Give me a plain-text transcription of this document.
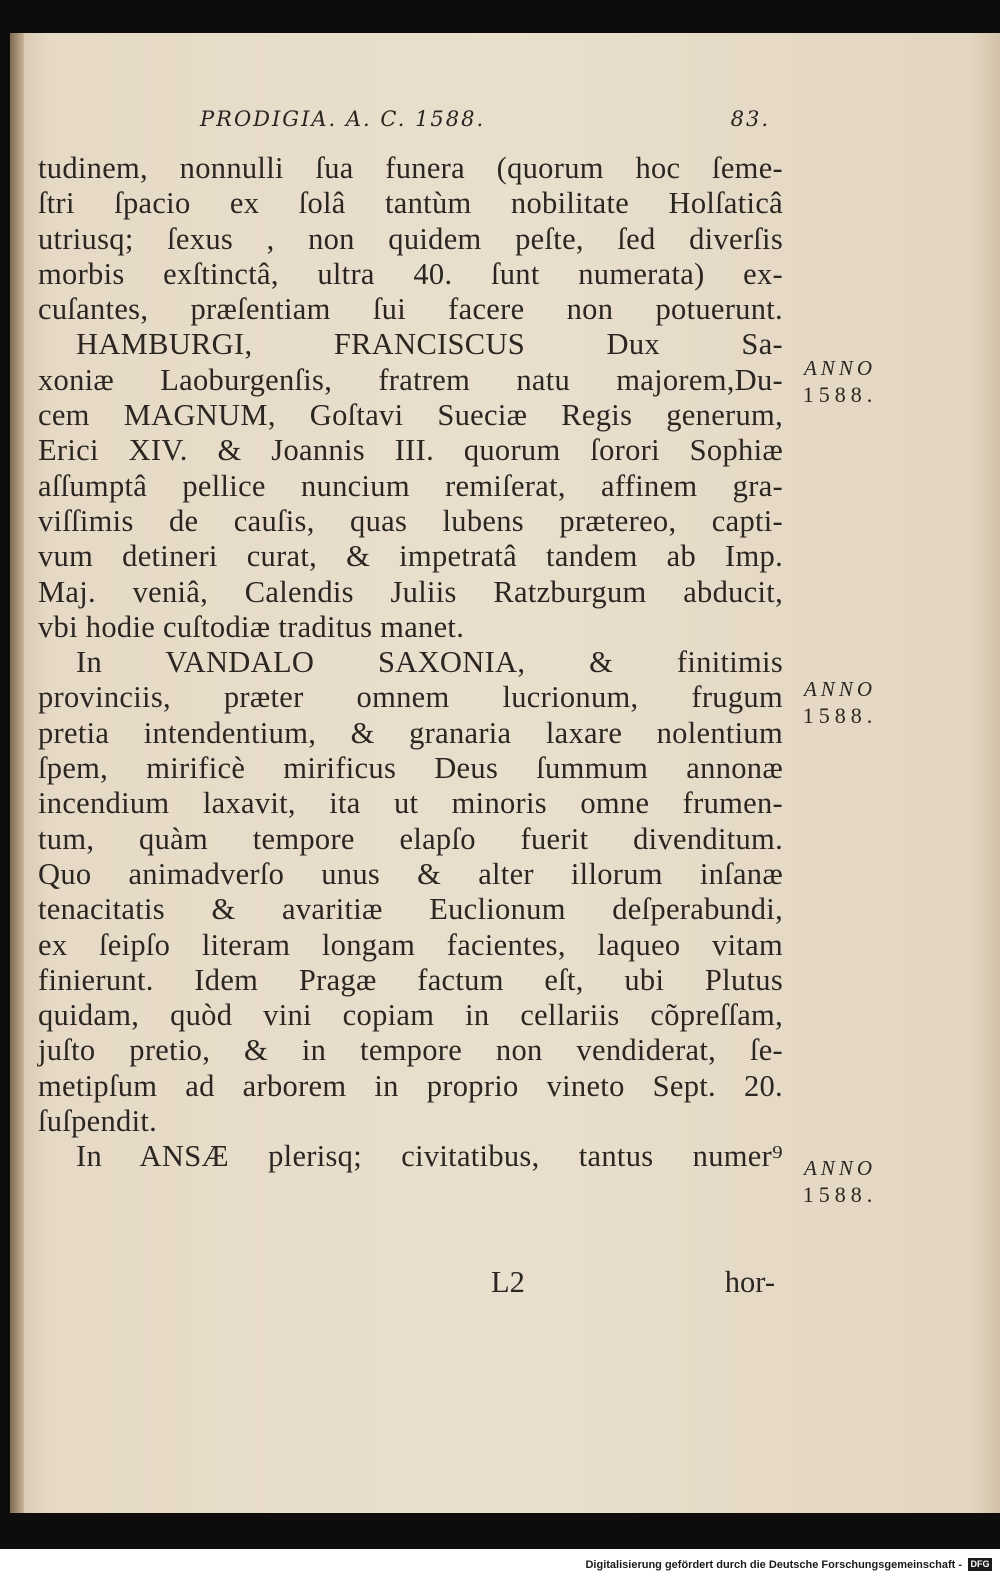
PRODIGIA. A. C. 1588.	83.
tudinem, nonnulli ſua funera (quorum hoc ſeme-
ſtri ſpacio ex ſolâ tantùm nobilitate Holſaticâ
utriusq; ſexus , non quidem peſte, ſed diverſis
morbis exſtinctâ, ultra 40. ſunt numerata) ex-
cuſantes, præſentiam ſui facere non potuerunt.
HAMBURGI, FRANCISCUS Dux Sa-
xoniæ Laoburgenſis, fratrem natu majorem,Du-
cem MAGNUM, Goſtavi Sueciæ Regis generum,
Erici XIV. & Joannis III. quorum ſorori Sophiæ
aſſumptâ pellice nuncium remiſerat, affinem gra-
viſſimis de cauſis, quas lubens prætereo, capti-
vum detineri curat, & impetratâ tandem ab Imp.
Maj. veniâ, Calendis Juliis Ratzburgum abducit,
vbi hodie cuſtodiæ traditus manet.
In VANDALO SAXONIA, & finitimis
provinciis, præter omnem lucrionum, frugum
pretia intendentium, & granaria laxare nolentium
ſpem, mirificè mirificus Deus ſummum annonæ
incendium laxavit, ita ut minoris omne frumen-
tum, quàm tempore elapſo fuerit divenditum.
Quo animadverſo unus & alter illorum inſanæ
tenacitatis & avaritiæ Euclionum deſperabundi,
ex ſeipſo literam longam facientes, laqueo vitam
finierunt. Idem Pragæ factum eſt, ubi Plutus
quidam, quòd vini copiam in cellariis cõpreſſam,
juſto pretio, & in tempore non vendiderat, ſe-
metipſum ad arborem in proprio vineto Sept. 20.
ſuſpendit.
In ANSÆ plerisq; civitatibus, tantus numer⁹
ANNO
1588.
ANNO
1588.
ANNO
1588.
L2	hor-
Digitalisierung gefördert durch die Deutsche Forschungsgemeinschaft - DFG
